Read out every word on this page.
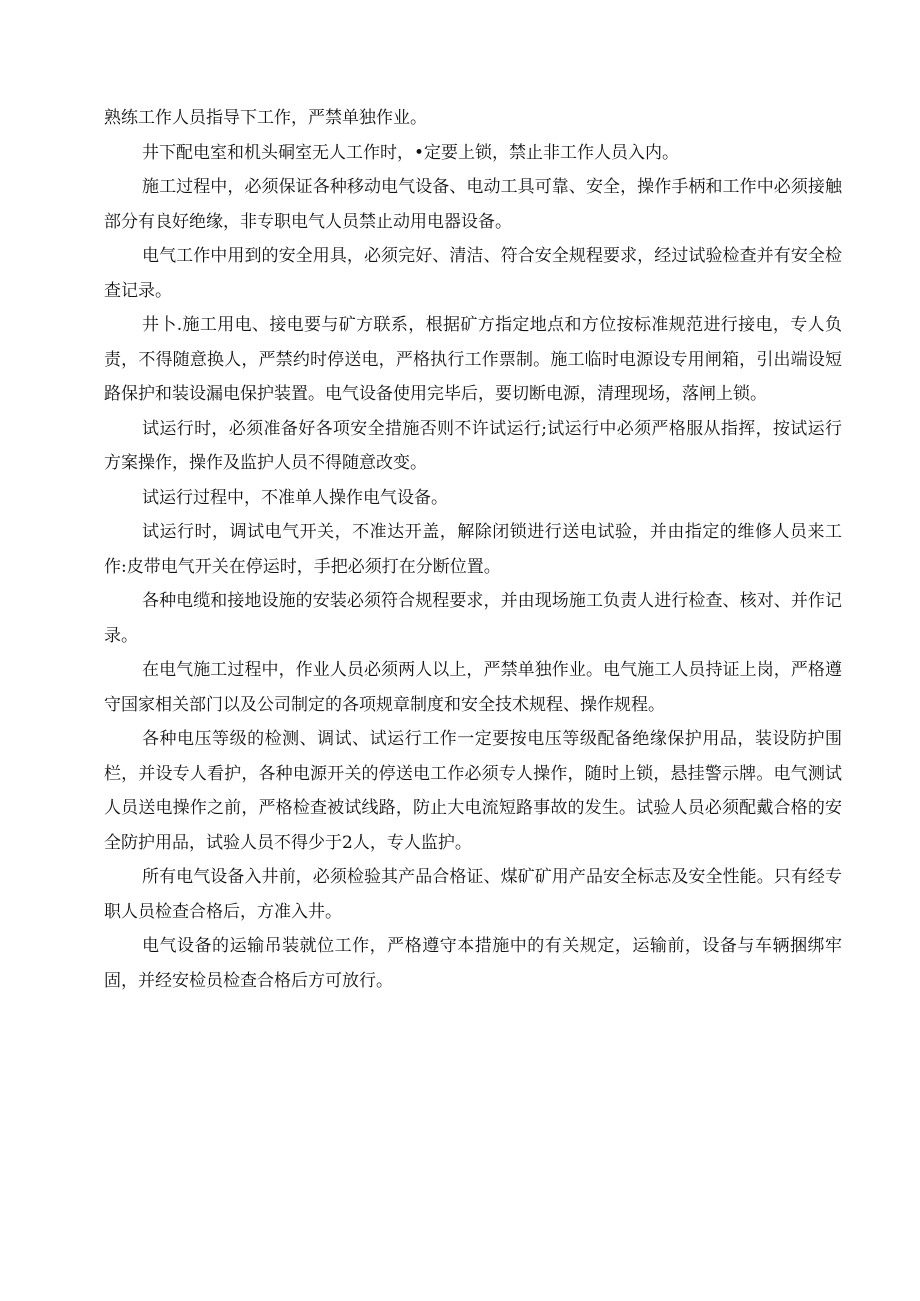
熟练工作人员指导下工作，严禁单独作业。

井下配电室和机头硐室无人工作时，•定要上锁，禁止非工作人员入内。

施工过程中，必须保证各种移动电气设备、电动工具可靠、安全，操作手柄和工作中必须接触部分有良好绝缘，非专职电气人员禁止动用电器设备。

电气工作中用到的安全用具，必须完好、清洁、符合安全规程要求，经过试验检查并有安全检查记录。

井卜.施工用电、接电要与矿方联系，根据矿方指定地点和方位按标准规范进行接电，专人负责，不得随意换人，严禁约时停送电，严格执行工作票制。施工临时电源设专用闸箱，引出端设短路保护和装设漏电保护装置。电气设备使用完毕后，要切断电源，清理现场，落闸上锁。

试运行时，必须准备好各项安全措施否则不许试运行;试运行中必须严格服从指挥，按试运行方案操作，操作及监护人员不得随意改变。

试运行过程中，不准单人操作电气设备。

试运行时，调试电气开关，不准达开盖，解除闭锁进行送电试验，并由指定的维修人员来工作:皮带电气开关在停运时，手把必须打在分断位置。

各种电缆和接地设施的安装必须符合规程要求，并由现场施工负责人进行检查、核对、并作记录。

在电气施工过程中，作业人员必须两人以上，严禁单独作业。电气施工人员持证上岗，严格遵守国家相关部门以及公司制定的各项规章制度和安全技术规程、操作规程。

各种电压等级的检测、调试、试运行工作一定要按电压等级配备绝缘保护用品，装设防护围栏，并设专人看护，各种电源开关的停送电工作必须专人操作，随时上锁，悬挂警示牌。电气测试人员送电操作之前，严格检查被试线路，防止大电流短路事故的发生。试验人员必须配戴合格的安全防护用品，试验人员不得少于2人，专人监护。

所有电气设备入井前，必须检验其产品合格证、煤矿矿用产品安全标志及安全性能。只有经专职人员检查合格后，方准入井。

电气设备的运输吊装就位工作，严格遵守本措施中的有关规定，运输前，设备与车辆捆绑牢固，并经安检员检查合格后方可放行。
